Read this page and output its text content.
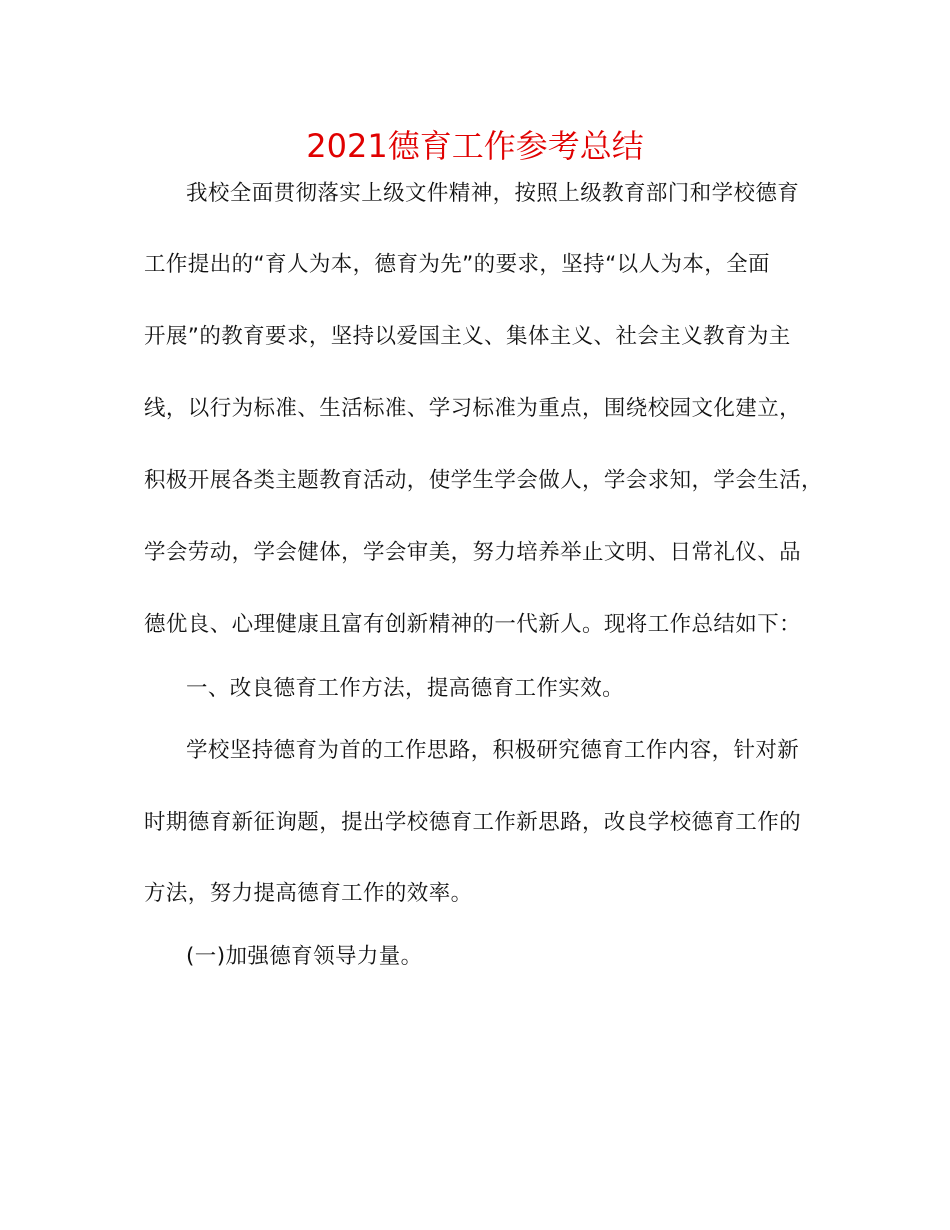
2021德育工作参考总结
我校全面贯彻落实上级文件精神，按照上级教育部门和学校德育
工作提出的“育人为本，德育为先”的要求，坚持“以人为本，全面
开展”的教育要求，坚持以爱国主义、集体主义、社会主义教育为主
线，以行为标准、生活标准、学习标准为重点，围绕校园文化建立，
积极开展各类主题教育活动，使学生学会做人，学会求知，学会生活，
学会劳动，学会健体，学会审美，努力培养举止文明、日常礼仪、品
德优良、心理健康且富有创新精神的一代新人。现将工作总结如下：
一、改良德育工作方法，提高德育工作实效。
学校坚持德育为首的工作思路，积极研究德育工作内容，针对新
时期德育新征询题，提出学校德育工作新思路，改良学校德育工作的
方法，努力提高德育工作的效率。
(一)加强德育领导力量。
